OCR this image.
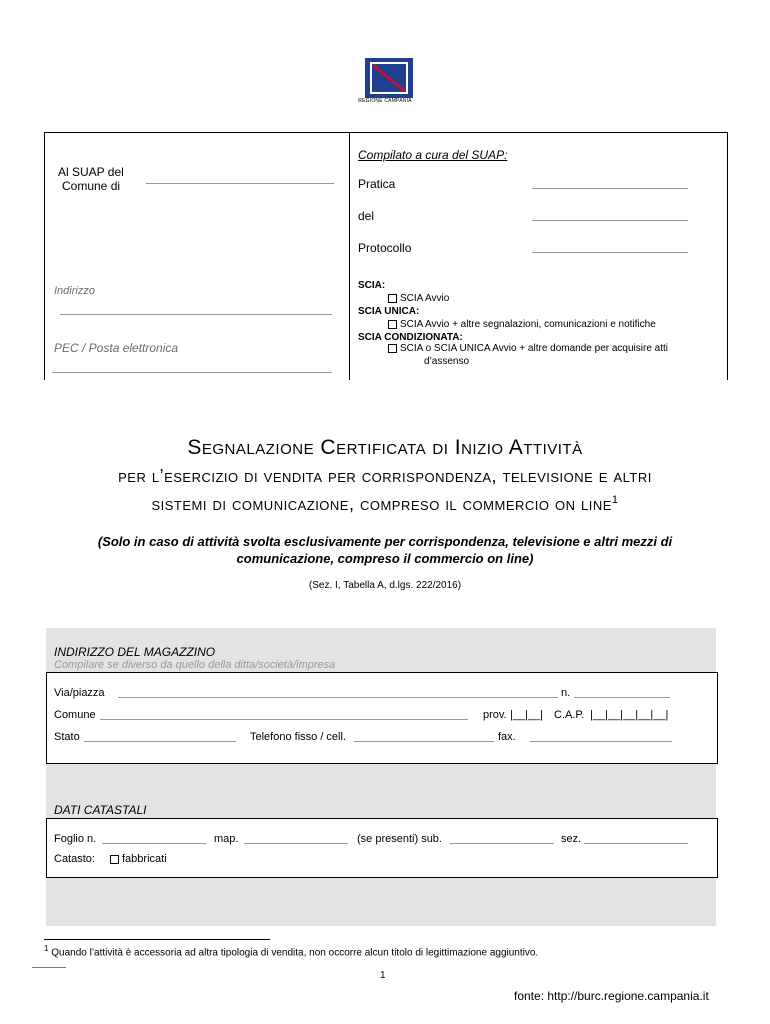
REGIONE CAMPANIA
Al SUAP del
Comune di
Indirizzo
PEC / Posta elettronica
Compilato a cura del SUAP:
Pratica
del
Protocollo
SCIA:
SCIA Avvio
SCIA UNICA:
SCIA Avvio + altre segnalazioni, comunicazioni e notifiche
SCIA CONDIZIONATA:
SCIA o SCIA UNICA Avvio + altre domande per acquisire atti
d’assenso
Segnalazione Certificata di Inizio Attività
per l’esercizio di vendita per corrispondenza, televisione e altri
sistemi di comunicazione, compreso il commercio on line$^1$
(Solo in caso di attività svolta esclusivamente per corrispondenza, televisione e altri mezzi di
comunicazione, compreso il commercio on line)
(Sez. I, Tabella A, d.lgs. 222/2016)
INDIRIZZO DEL MAGAZZINO
Compilare se diverso da quello della ditta/società/impresa
Via/piazza	n.
Comune	prov. |__|__| C.A.P. |__|__|__|__|__|
Stato	Telefono fisso / cell.	fax.
DATI CATASTALI
Foglio n.	map.	(se presenti) sub.	sez.
Catasto:	fabbricati
$^1$ Quando l’attività è accessoria ad altra tipologia di vendita, non occorre alcun titolo di legittimazione aggiuntivo.
1
fonte: http://burc.regione.campania.it
